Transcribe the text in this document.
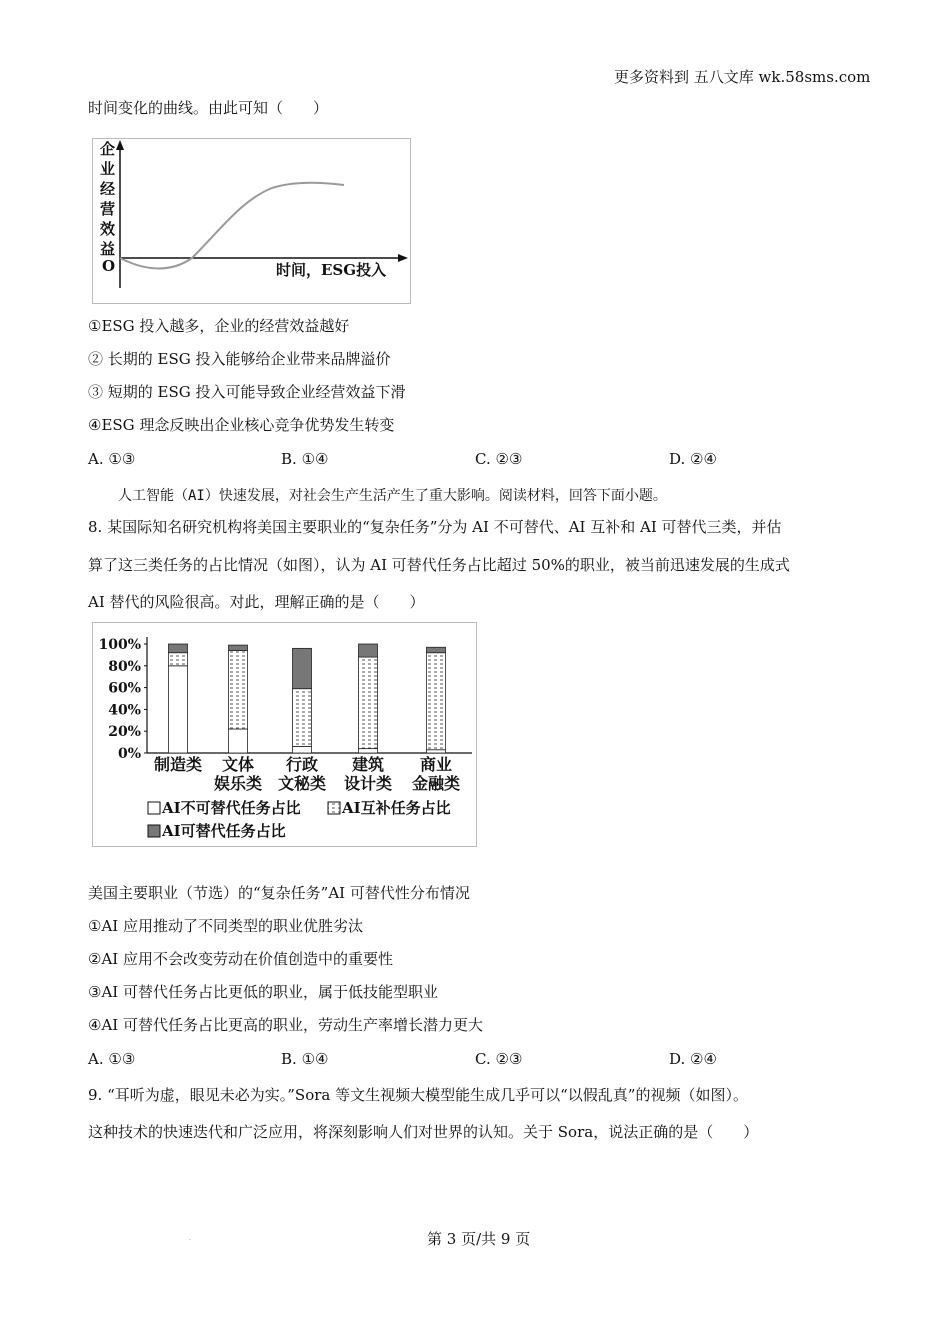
更多资料到 五八文库 wk.58sms.com
时间变化的曲线。由此可知（　　）
企
业
经
营
效
益
O	时间，ESG投入
①ESG 投入越多，企业的经营效益越好
② 长期的 ESG 投入能够给企业带来品牌溢价
③ 短期的 ESG 投入可能导致企业经营效益下滑
④ESG 理念反映出企业核心竞争优势发生转变
A. ①③	B. ①④	C. ②③	D. ②④
人工智能（AI）快速发展，对社会生产生活产生了重大影响。阅读材料，回答下面小题。
8. 某国际知名研究机构将美国主要职业的“复杂任务”分为 AI 不可替代、AI 互补和 AI 可替代三类，并估
算了这三类任务的占比情况（如图），认为 AI 可替代任务占比超过 50%的职业，被当前迅速发展的生成式
AI 替代的风险很高。对此，理解正确的是（　　）
100%
80%
60%
40%
20%
0%
制造类 文体
娱乐类
行政
文秘类
建筑
设计类
商业
金融类
AI不可替代任务占比	AI互补任务占比
AI可替代任务占比
美国主要职业（节选）的“复杂任务”AI 可替代性分布情况
①AI 应用推动了不同类型的职业优胜劣汰
②AI 应用不会改变劳动在价值创造中的重要性
③AI 可替代任务占比更低的职业，属于低技能型职业
④AI 可替代任务占比更高的职业，劳动生产率增长潜力更大
A. ①③	B. ①④	C. ②③	D. ②④
9. “耳听为虚，眼见未必为实。”Sora 等文生视频大模型能生成几乎可以“以假乱真”的视频（如图）。
这种技术的快速迭代和广泛应用，将深刻影响人们对世界的认知。关于 Sora，说法正确的是（　　）
·	第 3 页/共 9 页
